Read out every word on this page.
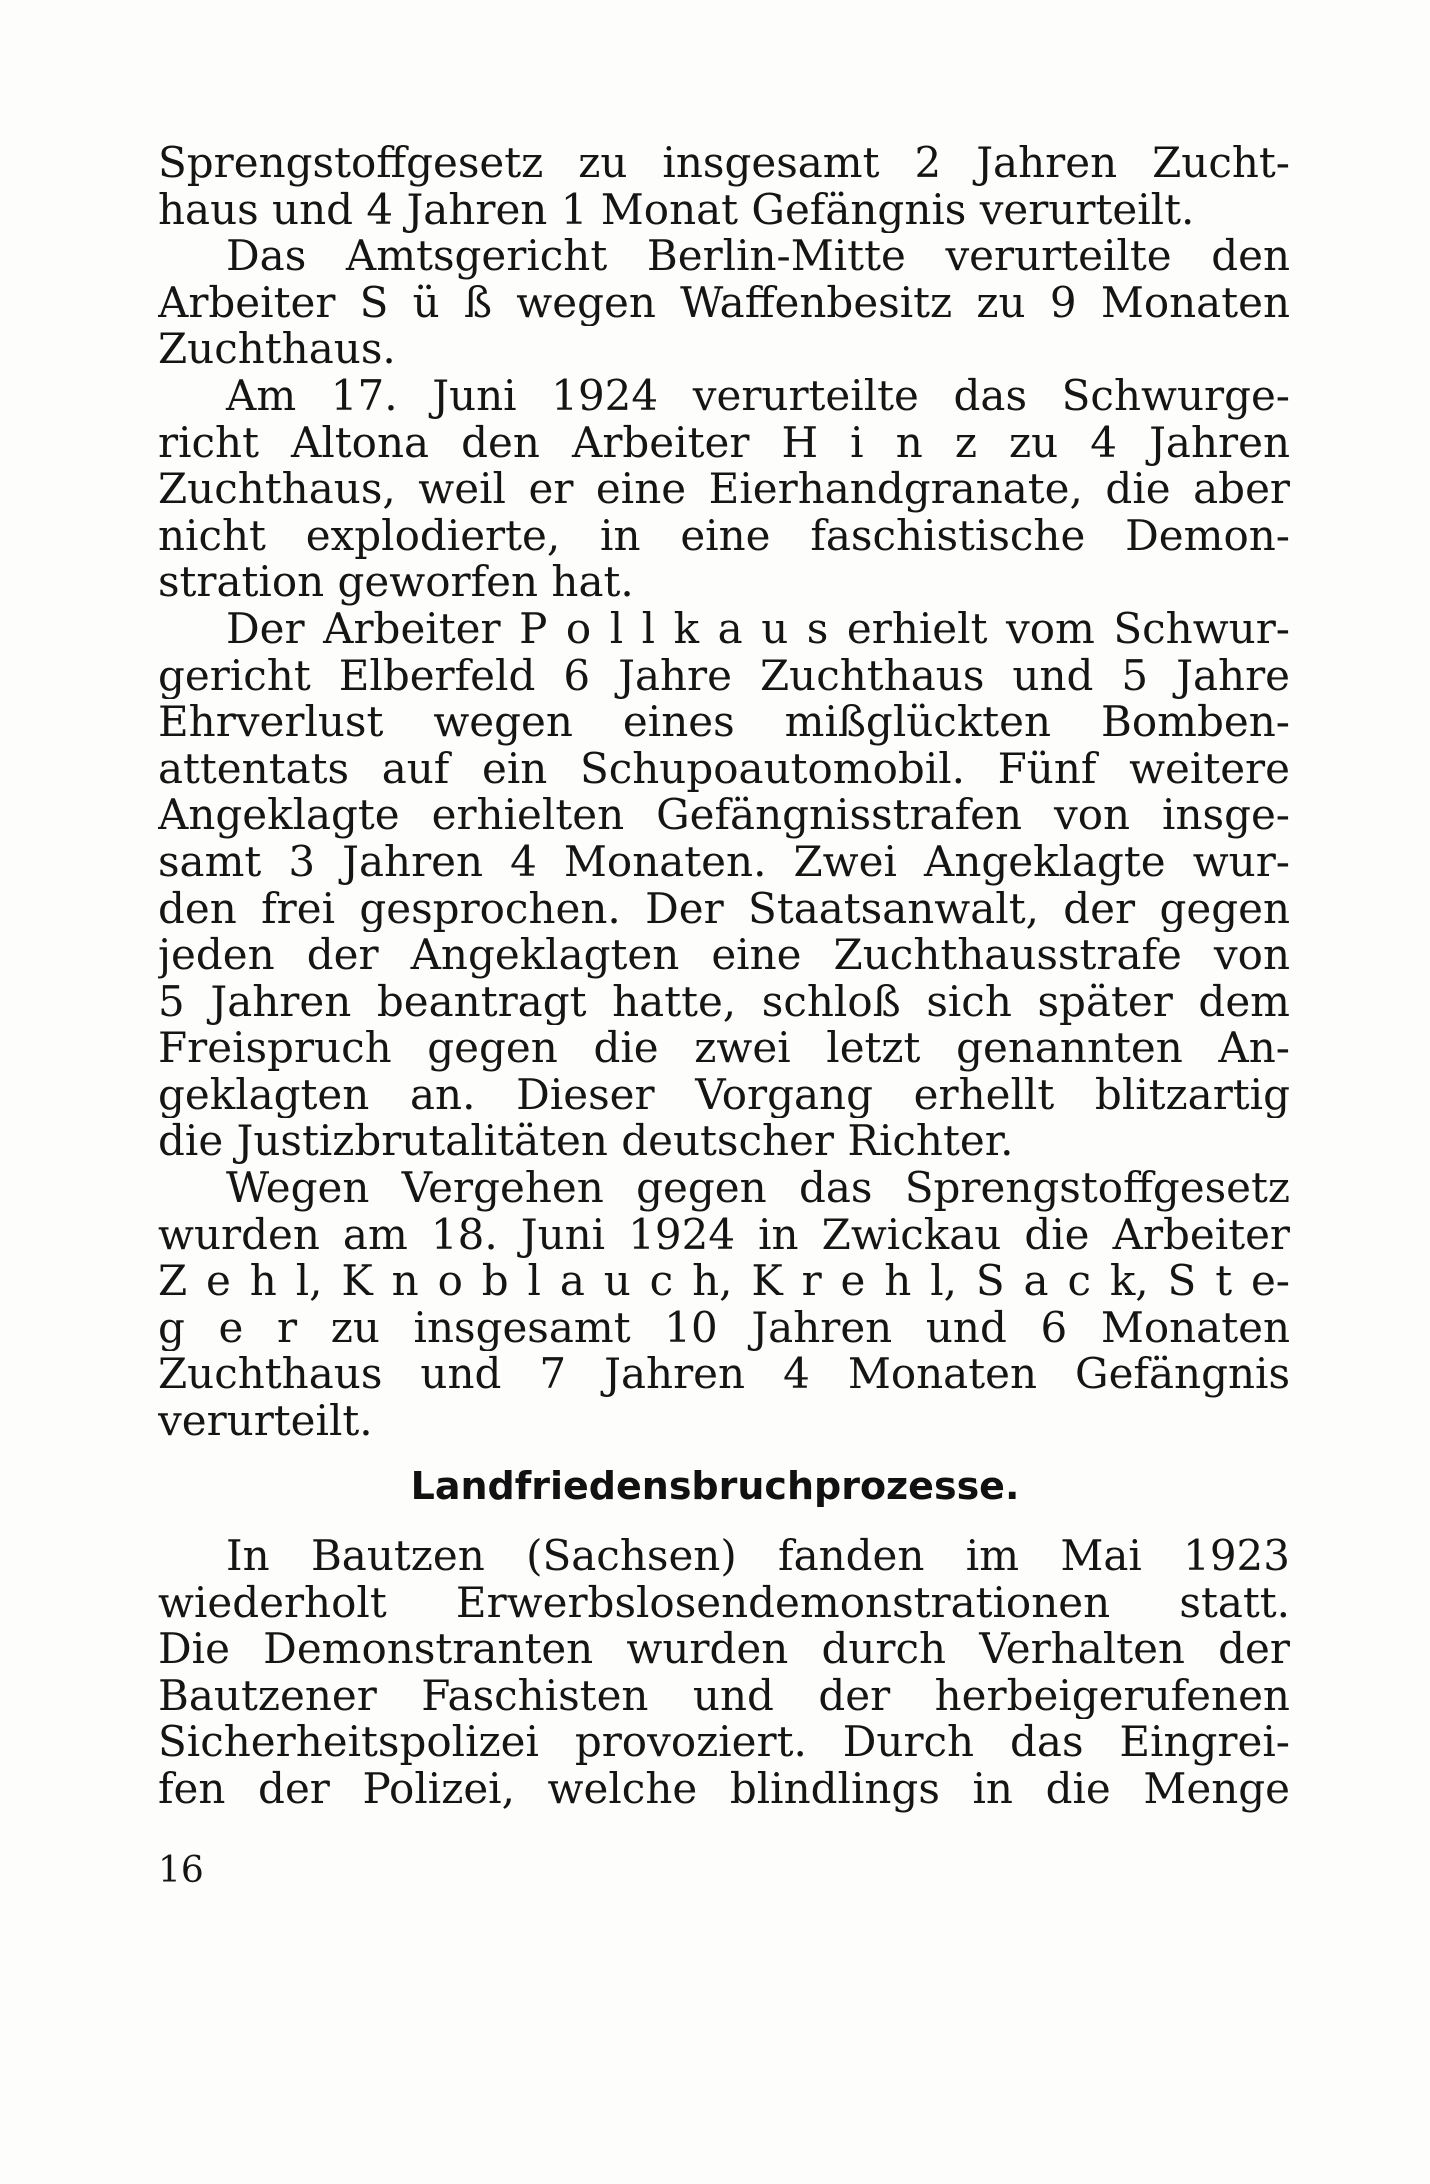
Sprengstoffgesetz zu insgesamt 2 Jahren Zucht-
haus und 4 Jahren 1 Monat Gefängnis verurteilt.
Das Amtsgericht Berlin-Mitte verurteilte den
Arbeiter S ü ß wegen Waffenbesitz zu 9 Monaten
Zuchthaus.
Am 17. Juni 1924 verurteilte das Schwurge-
richt Altona den Arbeiter H i n z zu 4 Jahren
Zuchthaus, weil er eine Eierhandgranate, die aber
nicht explodierte, in eine faschistische Demon-
stration geworfen hat.
Der Arbeiter P o l l k a u s erhielt vom Schwur-
gericht Elberfeld 6 Jahre Zuchthaus und 5 Jahre
Ehrverlust wegen eines mißglückten Bomben-
attentats auf ein Schupoautomobil. Fünf weitere
Angeklagte erhielten Gefängnisstrafen von insge-
samt 3 Jahren 4 Monaten. Zwei Angeklagte wur-
den frei gesprochen. Der Staatsanwalt, der gegen
jeden der Angeklagten eine Zuchthausstrafe von
5 Jahren beantragt hatte, schloß sich später dem
Freispruch gegen die zwei letzt genannten An-
geklagten an. Dieser Vorgang erhellt blitzartig
die Justizbrutalitäten deutscher Richter.
Wegen Vergehen gegen das Sprengstoffgesetz
wurden am 18. Juni 1924 in Zwickau die Arbeiter
Z e h l, K n o b l a u c h, K r e h l, S a c k, S t e-
g e r zu insgesamt 10 Jahren und 6 Monaten
Zuchthaus und 7 Jahren 4 Monaten Gefängnis
verurteilt.
Landfriedensbruchprozesse.
In Bautzen (Sachsen) fanden im Mai 1923
wiederholt Erwerbslosendemonstrationen statt.
Die Demonstranten wurden durch Verhalten der
Bautzener Faschisten und der herbeigerufenen
Sicherheitspolizei provoziert. Durch das Eingrei-
fen der Polizei, welche blindlings in die Menge
16
